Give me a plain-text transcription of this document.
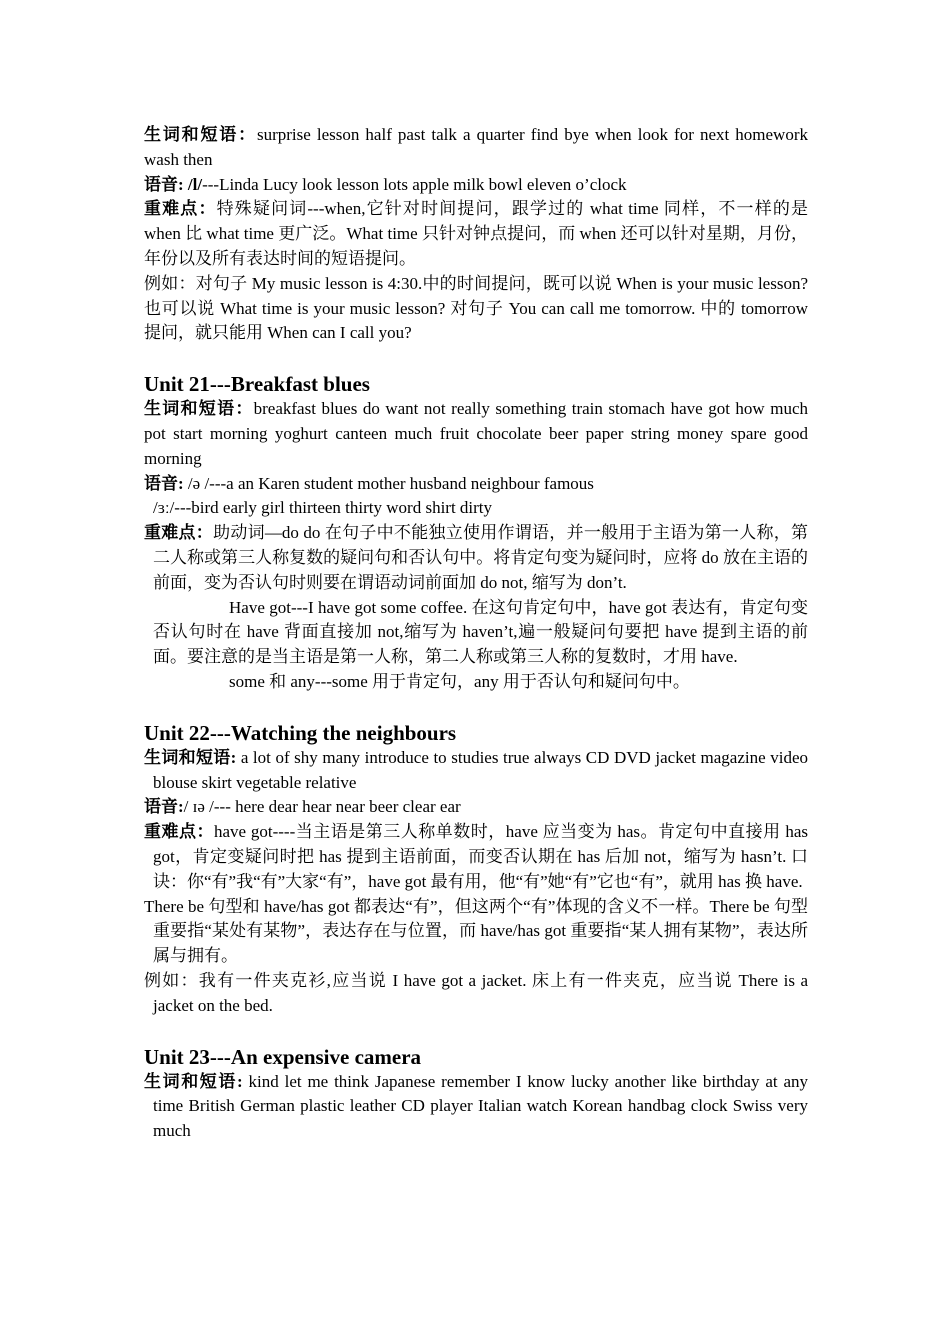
生词和短语：surprise lesson half past talk a quarter find bye when look for next homework wash then

语音: /l/---Linda Lucy look lesson lots apple milk bowl eleven o’clock

重难点：特殊疑问词---when,它针对时间提问，跟学过的 what time 同样，不一样的是 when 比 what time 更广泛。What time 只针对钟点提问，而 when 还可以针对星期，月份，年份以及所有表达时间的短语提问。

例如：对句子 My music lesson is 4:30.中的时间提问，既可以说 When is your music lesson? 也可以说 What time is your music lesson? 对句子 You can call me tomorrow. 中的 tomorrow 提问，就只能用 When can I call you?

Unit 21---Breakfast blues

生词和短语：breakfast blues do want not really something train stomach have got how much pot start morning yoghurt canteen much fruit chocolate beer paper string money spare good morning

语音: /ə /---a an Karen student mother husband neighbour famous

/ɜː/---bird early girl thirteen thirty word shirt dirty

重难点：助动词—do do 在句子中不能独立使用作谓语，并一般用于主语为第一人称，第二人称或第三人称复数的疑问句和否认句中。将肯定句变为疑问时，应将 do 放在主语的前面，变为否认句时则要在谓语动词前面加 do not, 缩写为 don’t.

Have got---I have got some coffee. 在这句肯定句中，have got 表达有，肯定句变否认句时在 have 背面直接加 not,缩写为 haven’t,遍一般疑问句要把 have 提到主语的前面。要注意的是当主语是第一人称，第二人称或第三人称的复数时，才用 have.

some 和 any---some 用于肯定句，any 用于否认句和疑问句中。

Unit 22---Watching the neighbours

生词和短语: a lot of shy many introduce to studies true always CD DVD jacket magazine video blouse skirt vegetable relative

语音:/ ɪə /--- here dear hear near beer clear ear

重难点：have got----当主语是第三人称单数时，have 应当变为 has。肯定句中直接用 has got，肯定变疑问时把 has 提到主语前面，而变否认期在 has 后加 not，缩写为 hasn’t. 口诀：你“有”我“有”大家“有”，have got 最有用，他“有”她“有”它也“有”，就用 has 换 have.

There be 句型和 have/has got 都表达“有”，但这两个“有”体现的含义不一样。There be 句型重要指“某处有某物”，表达存在与位置，而 have/has got 重要指“某人拥有某物”，表达所属与拥有。

例如：我有一件夹克衫,应当说 I have got a jacket. 床上有一件夹克，应当说 There is a jacket on the bed.

Unit 23---An expensive camera

生词和短语: kind let me think Japanese remember I know lucky another like birthday at any time British German plastic leather CD player Italian watch Korean handbag clock Swiss very much
